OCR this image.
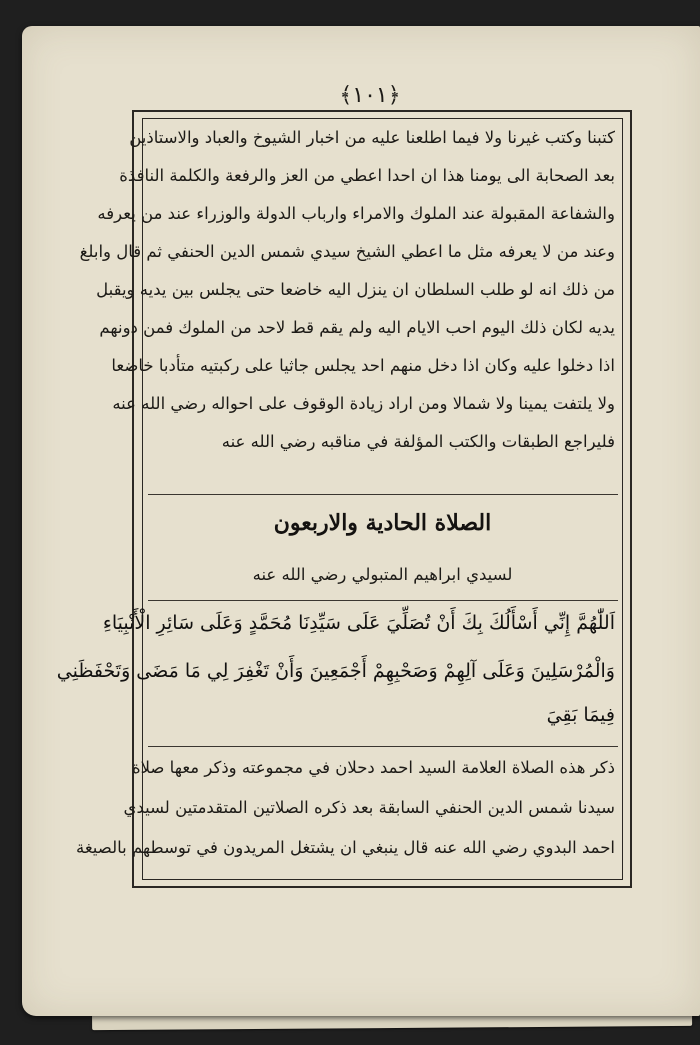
﴿١٠١﴾
كتبنا وكتب غيرنا ولا فيما اطلعنا عليه من اخبار الشيوخ والعباد والاستاذين
بعد الصحابة الى يومنا هذا ان احدا اعطي من العز والرفعة والكلمة النافذة
والشفاعة المقبولة عند الملوك والامراء وارباب الدولة والوزراء عند من يعرفه
وعند من لا يعرفه مثل ما اعطي الشيخ سيدي شمس الدين الحنفي ثم قال وابلغ
من ذلك انه لو طلب السلطان ان ينزل اليه خاضعا حتى يجلس بين يديه ويقبل
يديه لكان ذلك اليوم احب الايام اليه ولم يقم قط لاحد من الملوك فمن دونهم
اذا دخلوا عليه وكان اذا دخل منهم احد يجلس جاثيا على ركبتيه متأدبا خاضعا
ولا يلتفت يمينا ولا شمالا ومن اراد زيادة الوقوف على احواله رضي الله عنه
فليراجع الطبقات والكتب المؤلفة في مناقبه رضي الله عنه
الصلاة الحادية والاربعون
لسيدي ابراهيم المتبولي رضي الله عنه
اَللّٰهُمَّ إِنِّي أَسْأَلُكَ بِكَ أَنْ تُصَلِّيَ عَلَى سَيِّدِنَا مُحَمَّدٍ وَعَلَى سَائِرِ الْأَنْبِيَاءِ
وَالْمُرْسَلِينَ وَعَلَى آلِهِمْ وَصَحْبِهِمْ أَجْمَعِينَ وَأَنْ تَغْفِرَ لِي مَا مَضَى وَتَحْفَظَنِي
فِيمَا بَقِيَ
ذكر هذه الصلاة العلامة السيد احمد دحلان في مجموعته وذكر معها صلاة
سيدنا شمس الدين الحنفي السابقة بعد ذكره الصلاتين المتقدمتين لسيدي
احمد البدوي رضي الله عنه قال ينبغي ان يشتغل المريدون في توسطهم بالصيغة
